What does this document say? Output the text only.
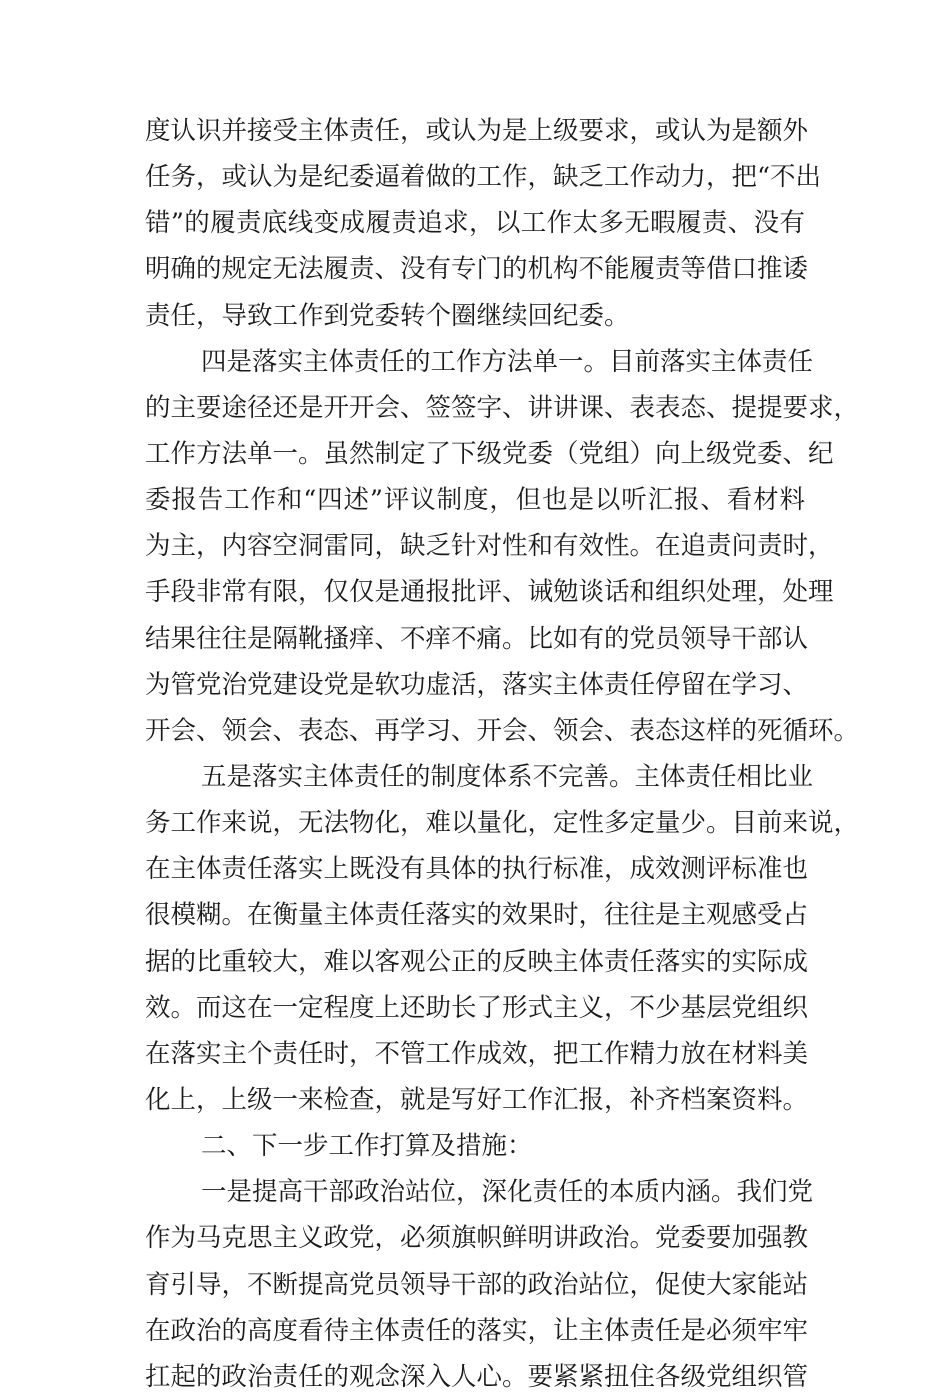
度认识并接受主体责任，或认为是上级要求，或认为是额外
任务，或认为是纪委逼着做的工作，缺乏工作动力，把“不出
错”的履责底线变成履责追求，以工作太多无暇履责、没有
明确的规定无法履责、没有专门的机构不能履责等借口推诿
责任，导致工作到党委转个圈继续回纪委。
四是落实主体责任的工作方法单一。目前落实主体责任
的主要途径还是开开会、签签字、讲讲课、表表态、提提要求，
工作方法单一。虽然制定了下级党委（党组）向上级党委、纪
委报告工作和“四述”评议制度，但也是以听汇报、看材料
为主，内容空洞雷同，缺乏针对性和有效性。在追责问责时，
手段非常有限，仅仅是通报批评、诫勉谈话和组织处理，处理
结果往往是隔靴搔痒、不痒不痛。比如有的党员领导干部认
为管党治党建设党是软功虚活，落实主体责任停留在学习、
开会、领会、表态、再学习、开会、领会、表态这样的死循环。
五是落实主体责任的制度体系不完善。主体责任相比业
务工作来说，无法物化，难以量化，定性多定量少。目前来说，
在主体责任落实上既没有具体的执行标准，成效测评标准也
很模糊。在衡量主体责任落实的效果时，往往是主观感受占
据的比重较大，难以客观公正的反映主体责任落实的实际成
效。而这在一定程度上还助长了形式主义，不少基层党组织
在落实主个责任时，不管工作成效，把工作精力放在材料美
化上，上级一来检查，就是写好工作汇报，补齐档案资料。
二、下一步工作打算及措施：
一是提高干部政治站位，深化责任的本质内涵。我们党
作为马克思主义政党，必须旗帜鲜明讲政治。党委要加强教
育引导，不断提高党员领导干部的政治站位，促使大家能站
在政治的高度看待主体责任的落实，让主体责任是必须牢牢
扛起的政治责任的观念深入人心。要紧紧扭住各级党组织管
